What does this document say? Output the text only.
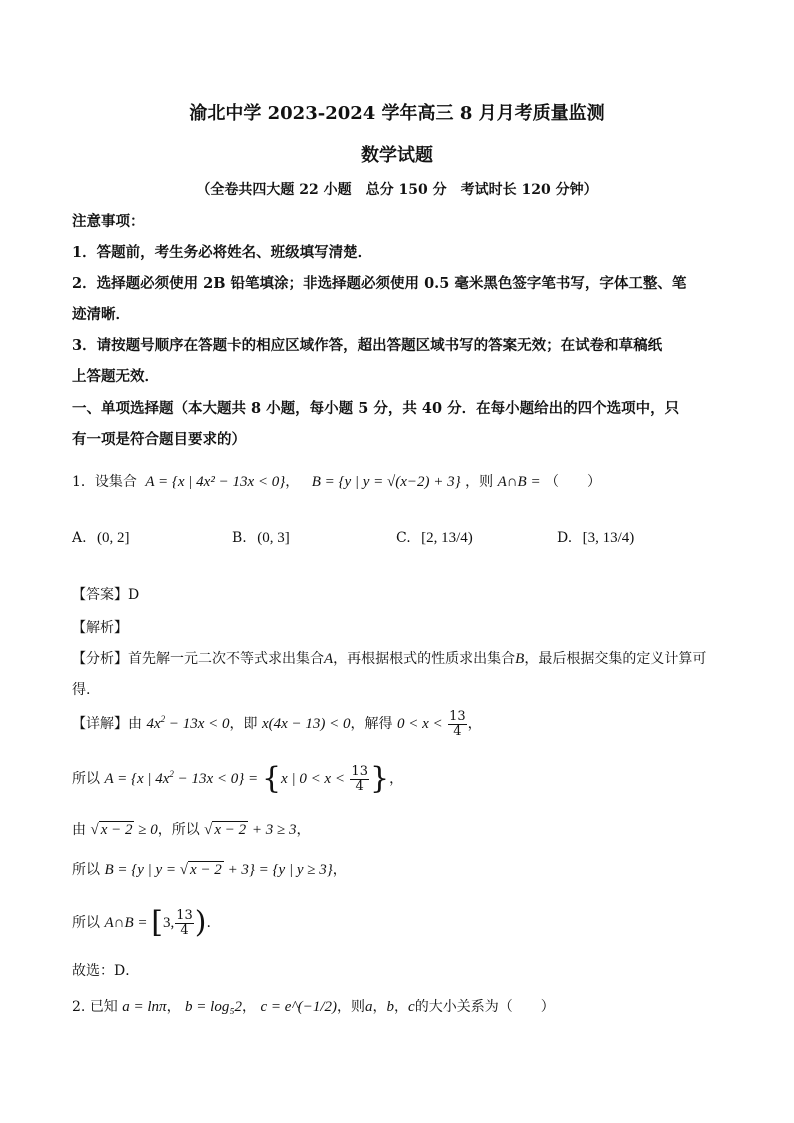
渝北中学 2023-2024 学年高三 8 月月考质量监测
数学试题
（全卷共四大题 22 小题　总分 150 分　考试时长 120 分钟）
注意事项：
1．答题前，考生务必将姓名、班级填写清楚．
2．选择题必须使用 2B 铅笔填涂；非选择题必须使用 0.5 毫米黑色签字笔书写，字体工整、笔
迹清晰．
3．请按题号顺序在答题卡的相应区域作答，超出答题区域书写的答案无效；在试卷和草稿纸
上答题无效．
一、单项选择题（本大题共 8 小题，每小题 5 分，共 40 分．在每小题给出的四个选项中，只
有一项是符合题目要求的）
1．设集合 A = {x | 4x² − 13x < 0}， B = {y | y = √(x−2) + 3} ，则 A∩B = （　　）
A. (0, 2]	B. (0, 3]	C. [2, 13/4)	D. [3, 13/4)
【答案】D
【解析】
【分析】首先解一元二次不等式求出集合A，再根据根式的性质求出集合B，最后根据交集的定义计算可
得.
【详解】由 $4x^2 - 13x < 0$，即 x(4x − 13) < 0，解得 $0 < x < \frac{13}{4}$ ，
所以 A = {x | $4x^2 - 13x < 0\} = \{x$ | $0 < x < \frac{13}{4}$ }，
由 √ x − 2 ≥ 0，所以 √ x − 2 + 3 ≥ 3，
所以 B = {y | y = √ x − 2 + 3} = {y | y ≥ 3}，
所以 A∩B = [3, $\frac{13}{4}$ ).
故选：D．
2. 已知 a = lnπ， b = log₅2， c = e^(−1/2)，则a，b，c的大小关系为（　　）
